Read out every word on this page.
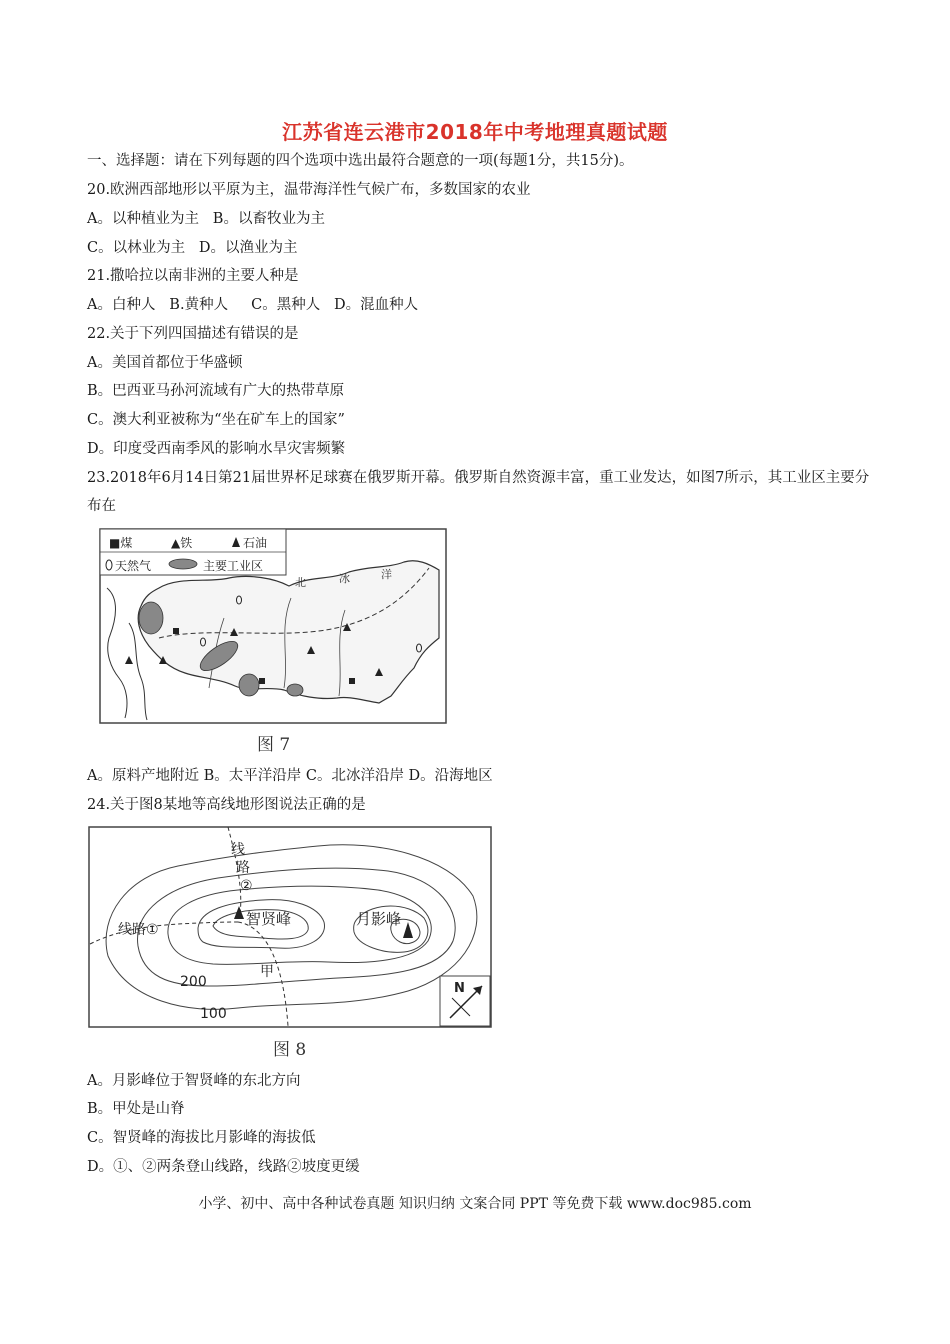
江苏省连云港市2018年中考地理真题试题
一、选择题：请在下列每题的四个选项中选出最符合题意的一项(每题1分，共15分)。
20.欧洲西部地形以平原为主，温带海洋性气候广布，多数国家的农业
A。以种植业为主   B。以畜牧业为主
C。以林业为主   D。以渔业为主
21.撒哈拉以南非洲的主要人种是
A。白种人   B.黄种人     C。黑种人   D。混血种人
22.关于下列四国描述有错误的是
A。美国首都位于华盛顿
B。巴西亚马孙河流域有广大的热带草原
C。澳大利亚被称为“坐在矿车上的国家”
D。印度受西南季风的影响水旱灾害频繁
23.2018年6月14日第21届世界杯足球赛在俄罗斯开幕。俄罗斯自然资源丰富，重工业发达，如图7所示，其工业区主要分布在
■煤	▲铁	石油
天然气	主要工业区
北	冰	洋
图 7
A。原料产地附近 B。太平洋沿岸 C。北冰洋沿岸 D。沿海地区
24.关于图8某地等高线地形图说法正确的是
智贤峰	月影峰
线路①
线
路
②
甲
200
100
N
图 8
A。月影峰位于智贤峰的东北方向
B。甲处是山脊
C。智贤峰的海拔比月影峰的海拔低
D。①、②两条登山线路，线路②坡度更缓
小学、初中、高中各种试卷真题 知识归纳 文案合同 PPT 等免费下载 www.doc985.com
